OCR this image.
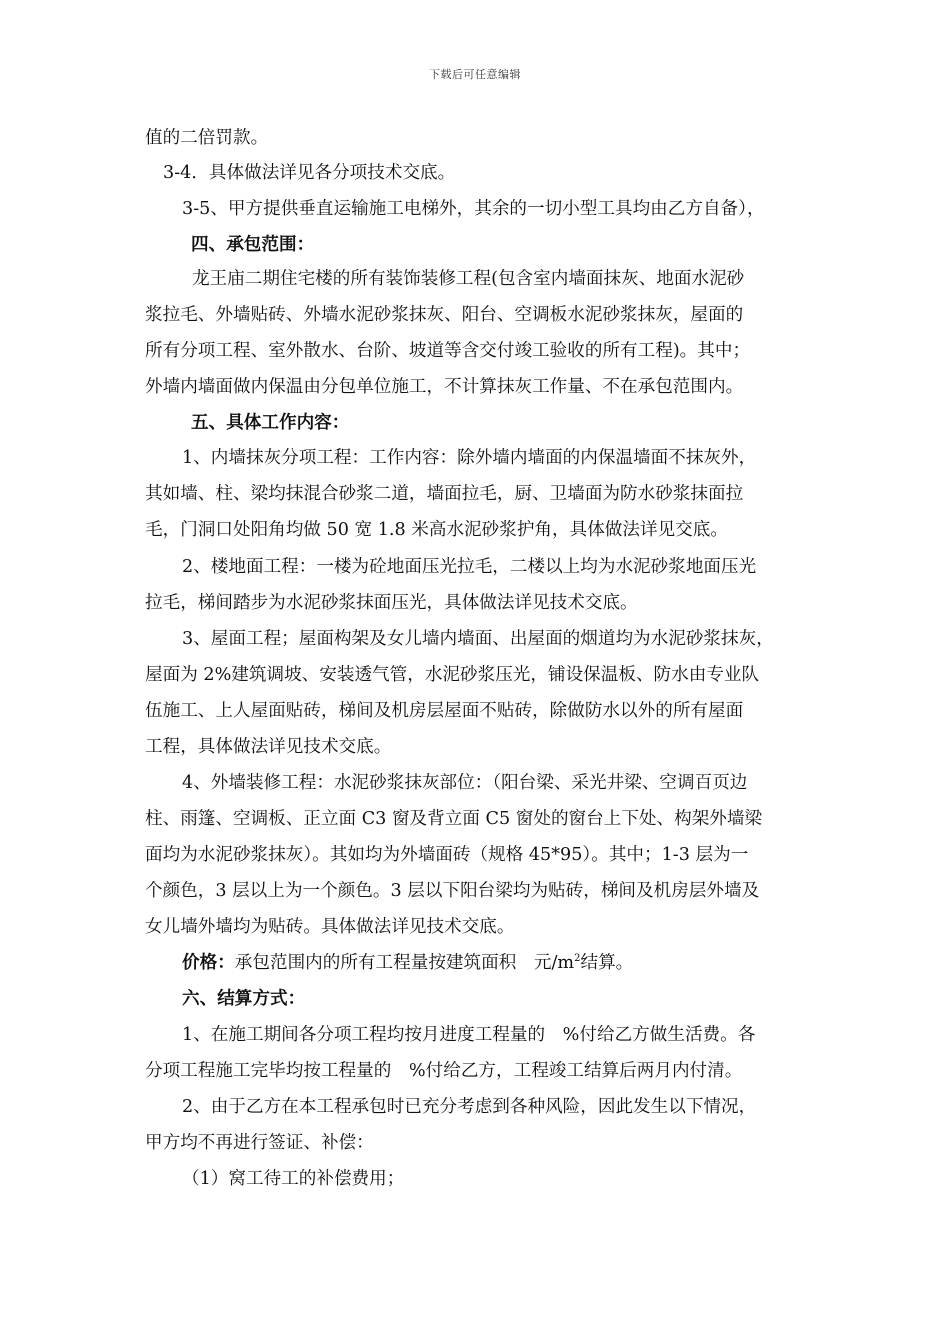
下载后可任意编辑
值的二倍罚款。
3-4．具体做法详见各分项技术交底。
3-5、甲方提供垂直运输施工电梯外，其余的一切小型工具均由乙方自备），
四、承包范围：
龙王庙二期住宅楼的所有装饰装修工程(包含室内墙面抹灰、地面水泥砂
浆拉毛、外墙贴砖、外墙水泥砂浆抹灰、阳台、空调板水泥砂浆抹灰，屋面的
所有分项工程、室外散水、台阶、坡道等含交付竣工验收的所有工程)。其中；
外墙内墙面做内保温由分包单位施工，不计算抹灰工作量、不在承包范围内。
五、具体工作内容：
1、内墙抹灰分项工程：工作内容：除外墙内墙面的内保温墙面不抹灰外，
其如墙、柱、梁均抹混合砂浆二道，墙面拉毛，厨、卫墙面为防水砂浆抹面拉
毛，门洞口处阳角均做 50 宽 1.8 米高水泥砂浆护角，具体做法详见交底。
2、楼地面工程：一楼为砼地面压光拉毛，二楼以上均为水泥砂浆地面压光
拉毛，梯间踏步为水泥砂浆抹面压光，具体做法详见技术交底。
3、屋面工程；屋面构架及女儿墙内墙面、出屋面的烟道均为水泥砂浆抹灰，
屋面为 2%建筑调坡、安装透气管，水泥砂浆压光，铺设保温板、防水由专业队
伍施工、上人屋面贴砖，梯间及机房层屋面不贴砖，除做防水以外的所有屋面
工程，具体做法详见技术交底。
4、外墙装修工程：水泥砂浆抹灰部位：（阳台梁、采光井梁、空调百页边
柱、雨篷、空调板、正立面 C3 窗及背立面 C5 窗处的窗台上下处、构架外墙梁
面均为水泥砂浆抹灰）。其如均为外墙面砖（规格 45*95）。其中；1-3 层为一
个颜色，3 层以上为一个颜色。3 层以下阳台梁均为贴砖，梯间及机房层外墙及
女儿墙外墙均为贴砖。具体做法详见技术交底。
价格：承包范围内的所有工程量按建筑面积　元$/m^2$结算。
六、结算方式：
1、在施工期间各分项工程均按月进度工程量的　%付给乙方做生活费。各
分项工程施工完毕均按工程量的　%付给乙方，工程竣工结算后两月内付清。
2、由于乙方在本工程承包时已充分考虑到各种风险，因此发生以下情况，
甲方均不再进行签证、补偿：
（1）窝工待工的补偿费用；
